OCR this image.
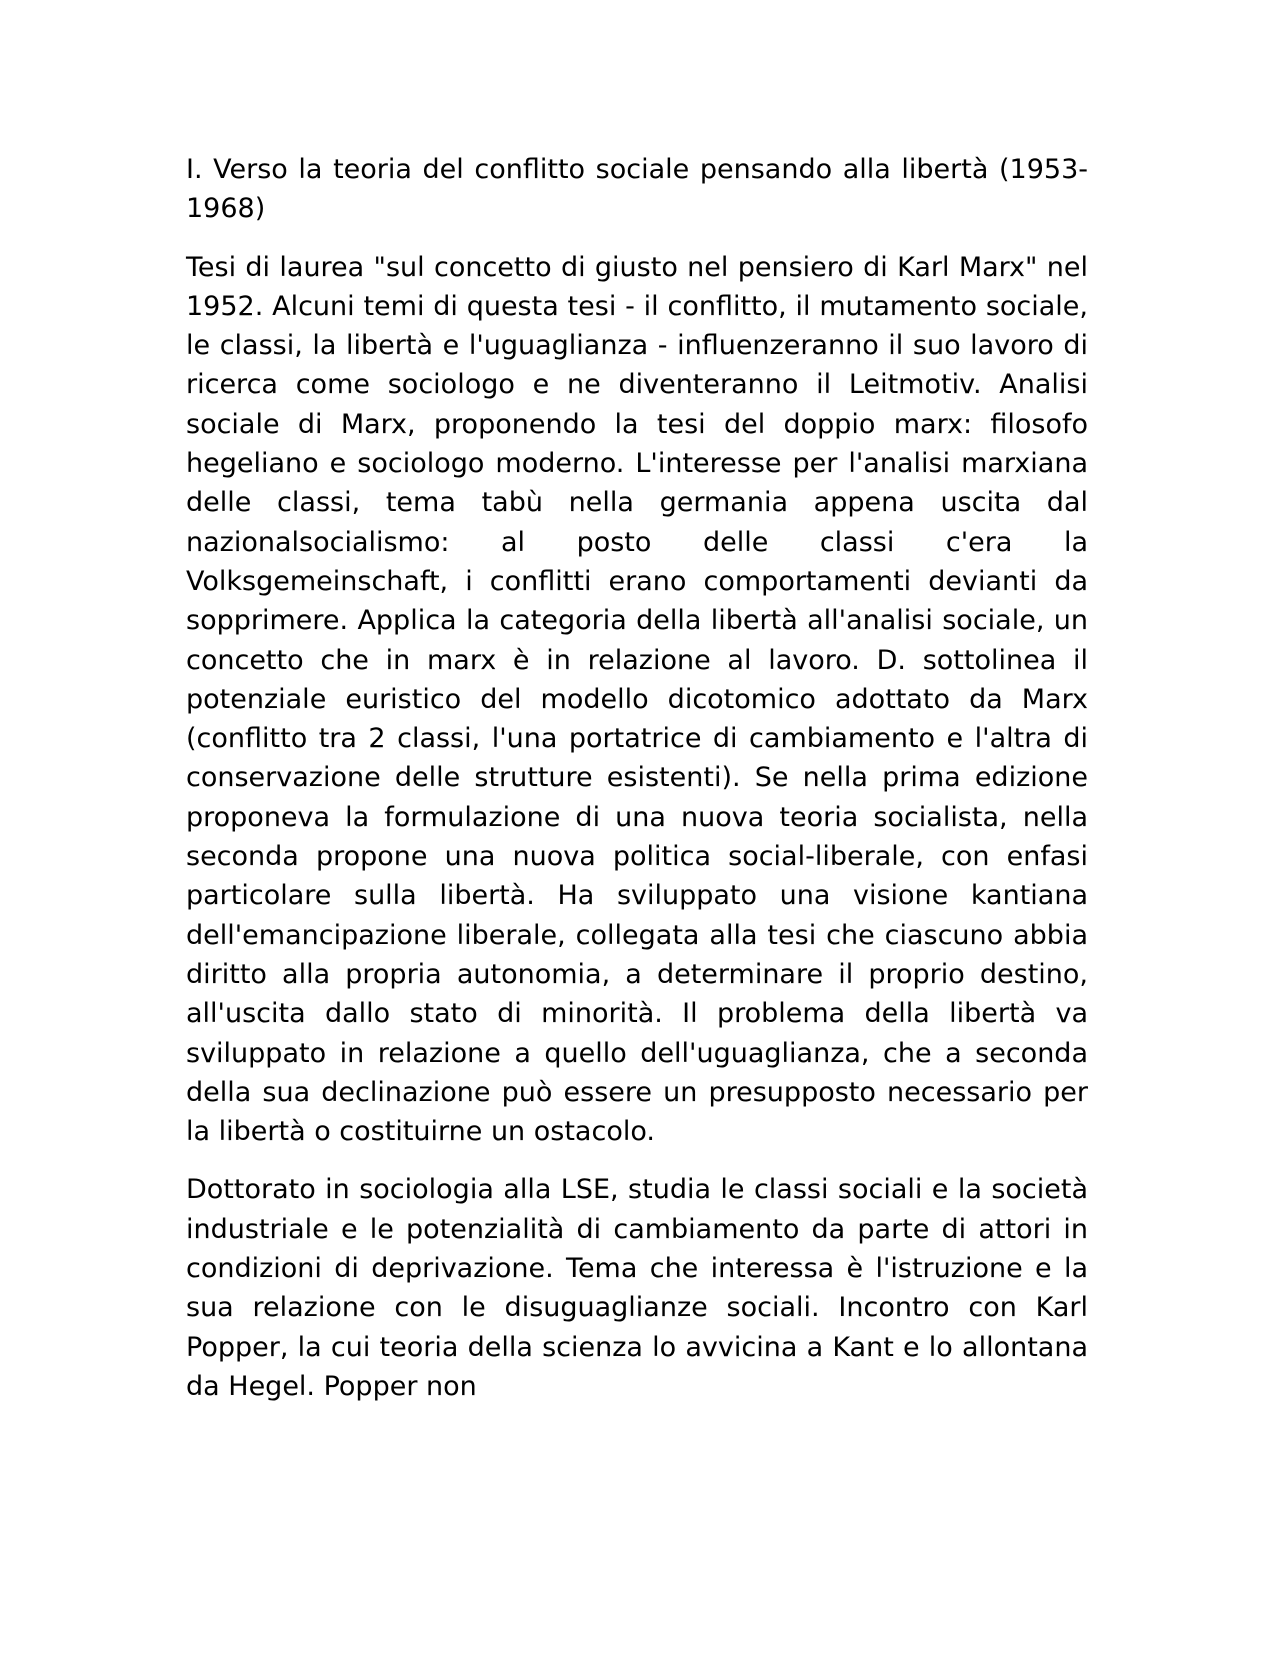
I. Verso la teoria del conflitto sociale pensando alla libertà (1953-1968)

Tesi di laurea "sul concetto di giusto nel pensiero di Karl Marx" nel 1952. Alcuni temi di questa tesi - il conflitto, il mutamento sociale, le classi, la libertà e l'uguaglianza - influenzeranno il suo lavoro di ricerca come sociologo e ne diventeranno il Leitmotiv. Analisi sociale di Marx, proponendo la tesi del doppio marx: filosofo hegeliano e sociologo moderno. L'interesse per l'analisi marxiana delle classi, tema tabù nella germania appena uscita dal nazionalsocialismo: al posto delle classi c'era la Volksgemeinschaft, i conflitti erano comportamenti devianti da sopprimere. Applica la categoria della libertà all'analisi sociale, un concetto che in marx è in relazione al lavoro. D. sottolinea il potenziale euristico del modello dicotomico adottato da Marx (conflitto tra 2 classi, l'una portatrice di cambiamento e l'altra di conservazione delle strutture esistenti). Se nella prima edizione proponeva la formulazione di una nuova teoria socialista, nella seconda propone una nuova politica social-liberale, con enfasi particolare sulla libertà. Ha sviluppato una visione kantiana dell'emancipazione liberale, collegata alla tesi che ciascuno abbia diritto alla propria autonomia, a determinare il proprio destino, all'uscita dallo stato di minorità. Il problema della libertà va sviluppato in relazione a quello dell'uguaglianza, che a seconda della sua declinazione può essere un presupposto necessario per la libertà o costituirne un ostacolo.

Dottorato in sociologia alla LSE, studia le classi sociali e la società industriale e le potenzialità di cambiamento da parte di attori in condizioni di deprivazione. Tema che interessa è l'istruzione e la sua relazione con le disuguaglianze sociali. Incontro con Karl Popper, la cui teoria della scienza lo avvicina a Kant e lo allontana da Hegel. Popper non
